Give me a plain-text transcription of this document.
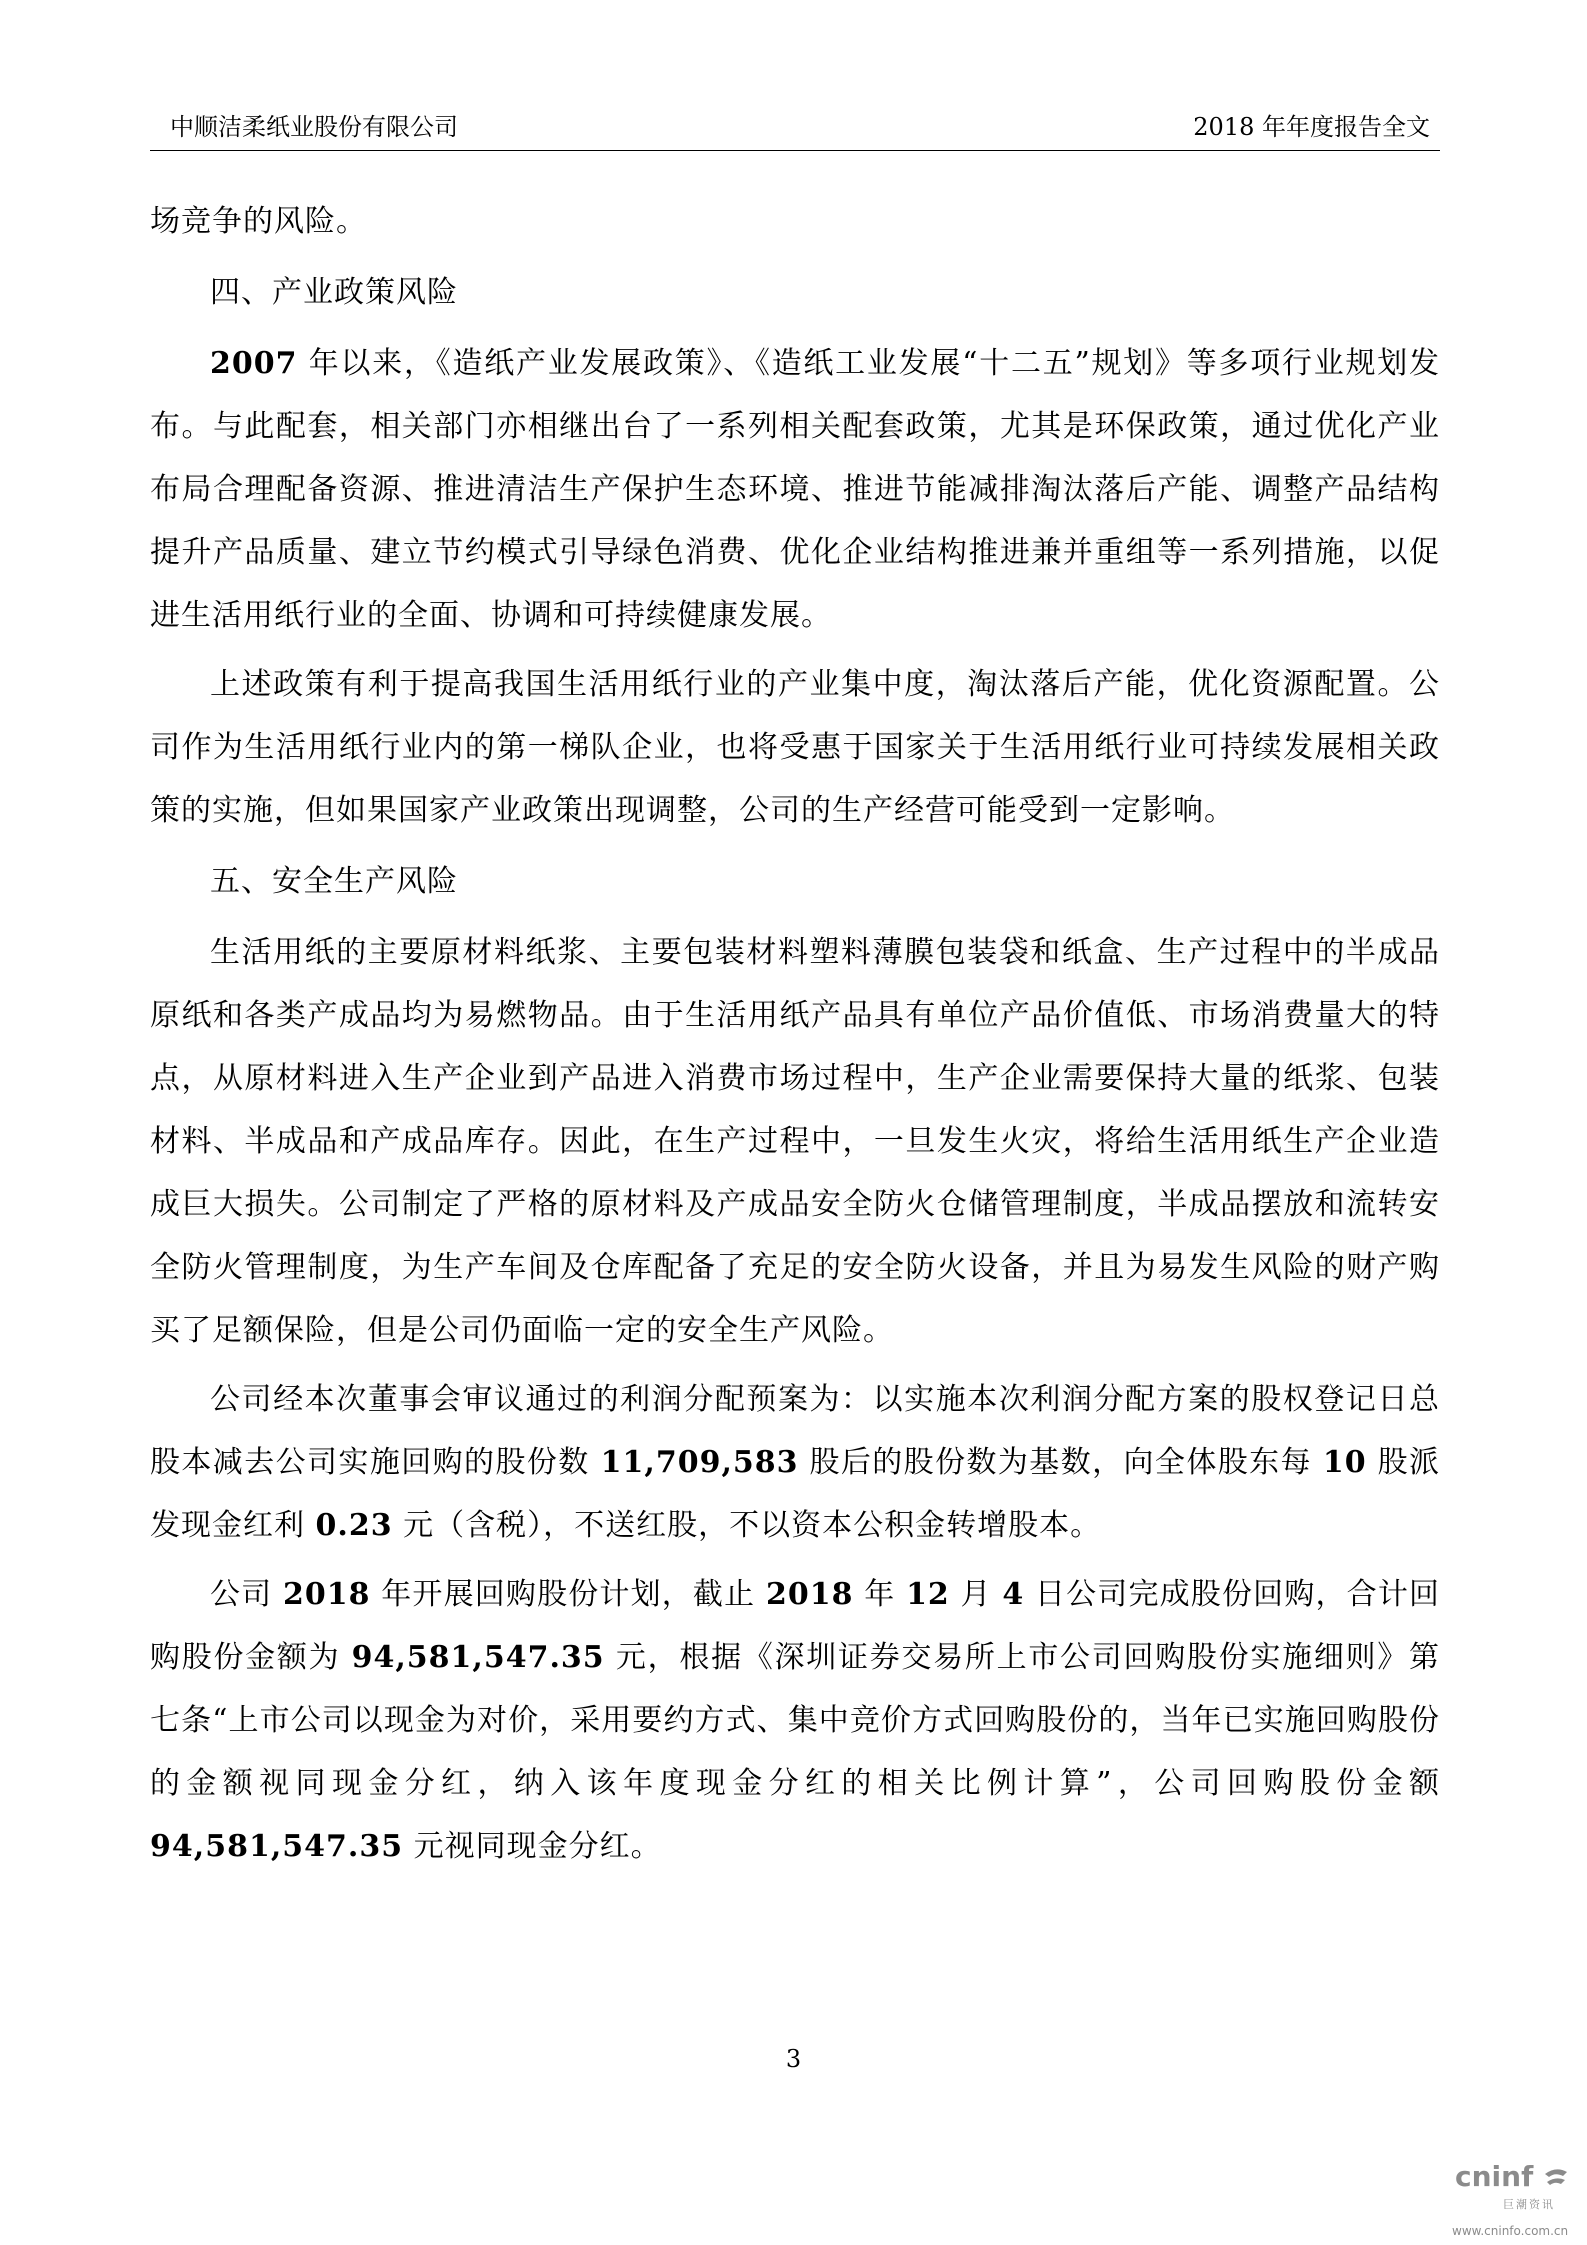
中顺洁柔纸业股份有限公司	2018 年年度报告全文

场竞争的风险。

四、产业政策风险

2007 年以来，《造纸产业发展政策》、《造纸工业发展“十二五”规划》等多项行业规划发布。与此配套，相关部门亦相继出台了一系列相关配套政策，尤其是环保政策，通过优化产业布局合理配备资源、推进清洁生产保护生态环境、推进节能减排淘汰落后产能、调整产品结构提升产品质量、建立节约模式引导绿色消费、优化企业结构推进兼并重组等一系列措施，以促进生活用纸行业的全面、协调和可持续健康发展。

上述政策有利于提高我国生活用纸行业的产业集中度，淘汰落后产能，优化资源配置。公司作为生活用纸行业内的第一梯队企业，也将受惠于国家关于生活用纸行业可持续发展相关政策的实施，但如果国家产业政策出现调整，公司的生产经营可能受到一定影响。

五、安全生产风险

生活用纸的主要原材料纸浆、主要包装材料塑料薄膜包装袋和纸盒、生产过程中的半成品原纸和各类产成品均为易燃物品。由于生活用纸产品具有单位产品价值低、市场消费量大的特点，从原材料进入生产企业到产品进入消费市场过程中，生产企业需要保持大量的纸浆、包装材料、半成品和产成品库存。因此，在生产过程中，一旦发生火灾，将给生活用纸生产企业造成巨大损失。公司制定了严格的原材料及产成品安全防火仓储管理制度，半成品摆放和流转安全防火管理制度，为生产车间及仓库配备了充足的安全防火设备，并且为易发生风险的财产购买了足额保险，但是公司仍面临一定的安全生产风险。

公司经本次董事会审议通过的利润分配预案为：以实施本次利润分配方案的股权登记日总股本减去公司实施回购的股份数 11,709,583 股后的股份数为基数，向全体股东每 10 股派发现金红利 0.23 元（含税），不送红股，不以资本公积金转增股本。

公司 2018 年开展回购股份计划，截止 2018 年 12 月 4 日公司完成股份回购，合计回购股份金额为 94,581,547.35 元，根据《深圳证券交易所上市公司回购股份实施细则》第七条“上市公司以现金为对价，采用要约方式、集中竞价方式回购股份的，当年已实施回购股份的金额视同现金分红，纳入该年度现金分红的相关比例计算”，公司回购股份金额 94,581,547.35 元视同现金分红。

3
cninf
巨潮资讯
www.cninfo.com.cn
